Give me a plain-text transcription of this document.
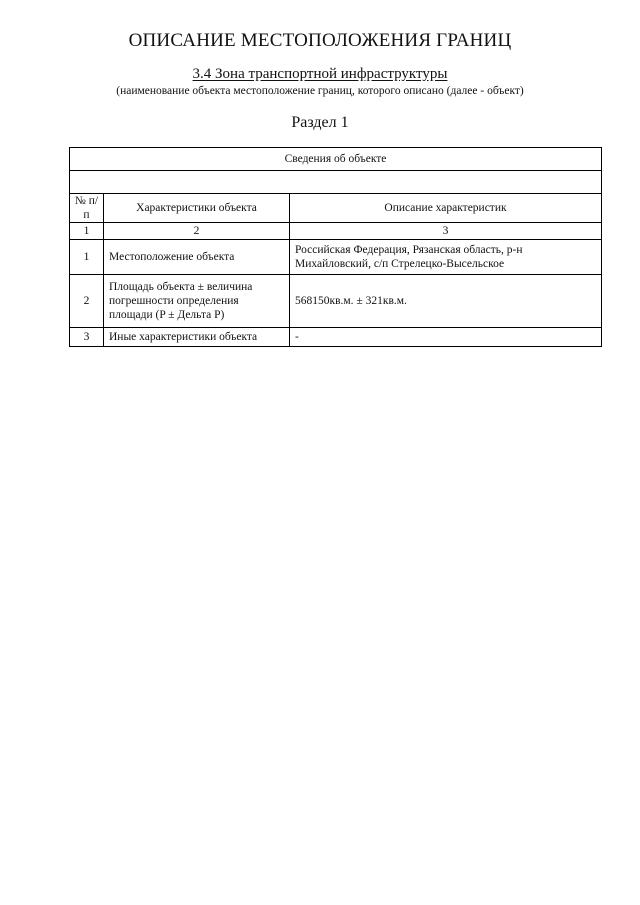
ОПИСАНИЕ МЕСТОПОЛОЖЕНИЯ ГРАНИЦ
3.4 Зона транспортной инфраструктуры
(наименование объекта местоположение границ, которого описано (далее - объект)
Раздел 1
Сведения об объекте		

№ п/п	Характеристики объекта	Описание характеристик
1	2	3
1	Местоположение объекта	Российская Федерация, Рязанская область, р-н Михайловский, с/п Стрелецко-Высельское
2	Площадь объекта ± величина погрешности определения площади (P ± Дельта P)	568150кв.м. ± 321кв.м.
3	Иные характеристики объекта	-
